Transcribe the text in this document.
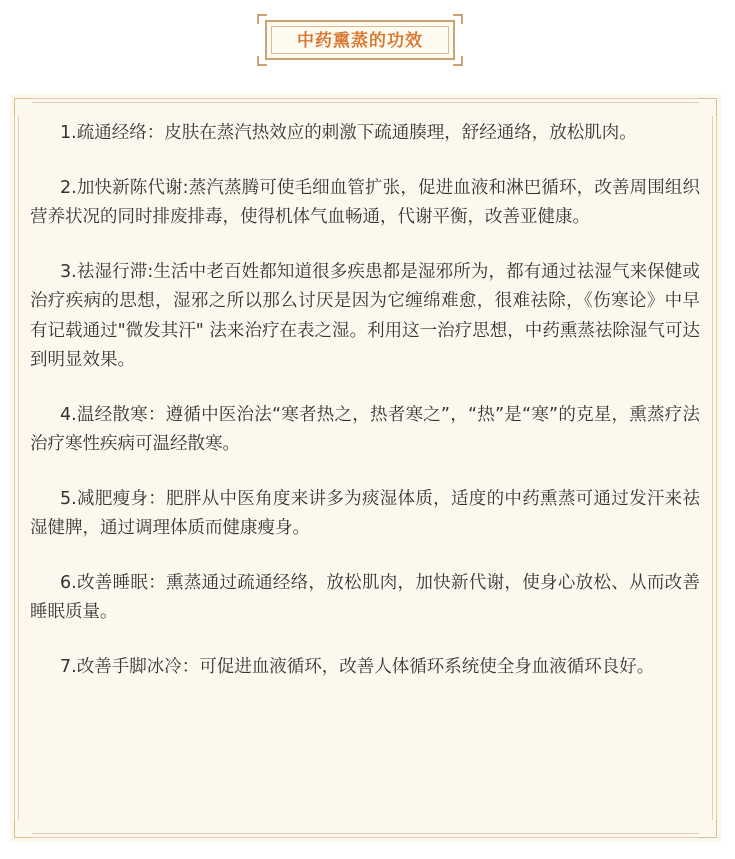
中药熏蒸的功效

1.疏通经络：皮肤在蒸汽热效应的刺激下疏通腠理，舒经通络，放松肌肉。

2.加快新陈代谢:蒸汽蒸腾可使毛细血管扩张，促进血液和淋巴循环，改善周围组织营养状况的同时排废排毒，使得机体气血畅通，代谢平衡，改善亚健康。

3.祛湿行滞:生活中老百姓都知道很多疾患都是湿邪所为，都有通过祛湿气来保健或治疗疾病的思想，湿邪之所以那么讨厌是因为它缠绵难愈，很难祛除，《伤寒论》中早有记载通过"微发其汗" 法来治疗在表之湿。利用这一治疗思想，中药熏蒸祛除湿气可达到明显效果。

4.温经散寒：遵循中医治法“寒者热之，热者寒之”，“热”是“寒”的克星，熏蒸疗法治疗寒性疾病可温经散寒。

5.减肥瘦身：肥胖从中医角度来讲多为痰湿体质，适度的中药熏蒸可通过发汗来祛湿健脾，通过调理体质而健康瘦身。

6.改善睡眠：熏蒸通过疏通经络，放松肌肉，加快新代谢，使身心放松、从而改善睡眠质量。

7.改善手脚冰冷：可促进血液循环，改善人体循环系统使全身血液循环良好。
